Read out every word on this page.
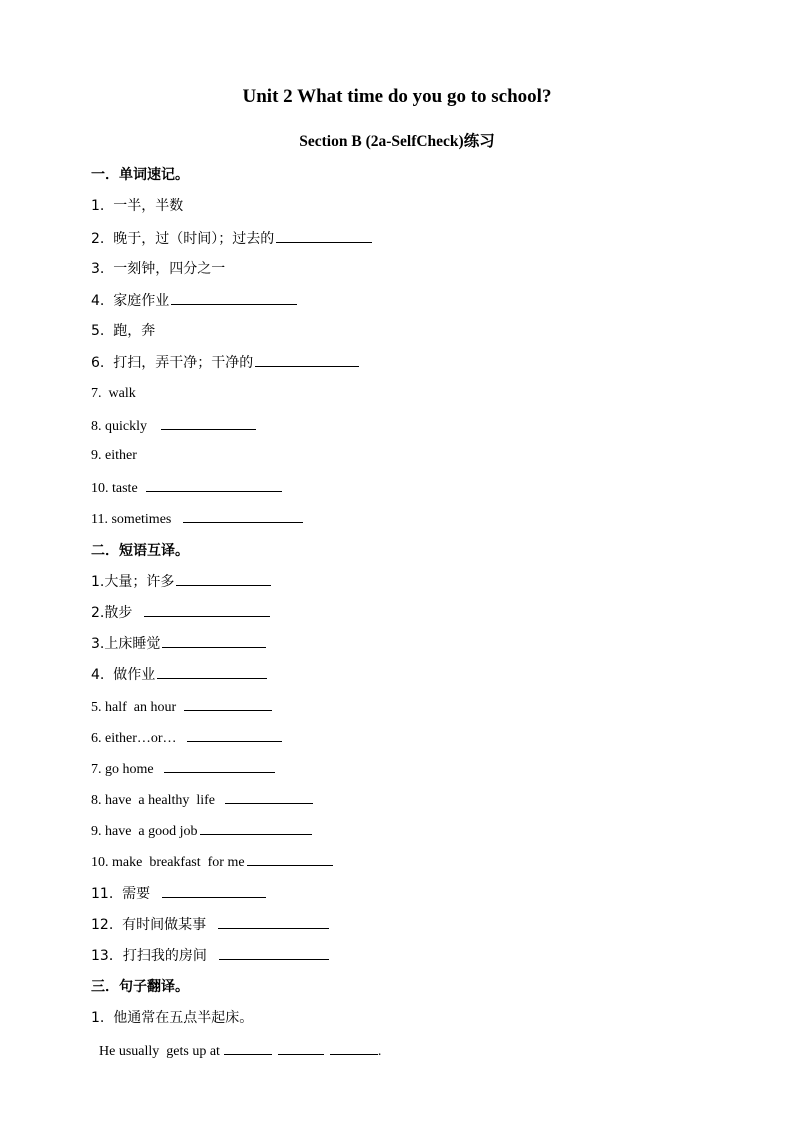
Unit 2 What time do you go to school?
Section B (2a-SelfCheck)练习
一．单词速记。
1.  一半，半数
2.  晚于，过（时间）；过去的
3.  一刻钟，四分之一
4.  家庭作业
5.  跑，奔
6.  打扫，弄干净；干净的
7.  walk
8. quickly
9. either
10. taste
11. sometimes
二．短语互译。
1.大量；许多
2.散步
3.上床睡觉
4.  做作业
5. half  an hour
6. either…or…
7. go home
8. have  a healthy  life
9. have  a good job
10. make  breakfast  for me
11.  需要
12.  有时间做某事
13．打扫我的房间
三．句子翻译。
1.  他通常在五点半起床。
He usually  gets up at	.
